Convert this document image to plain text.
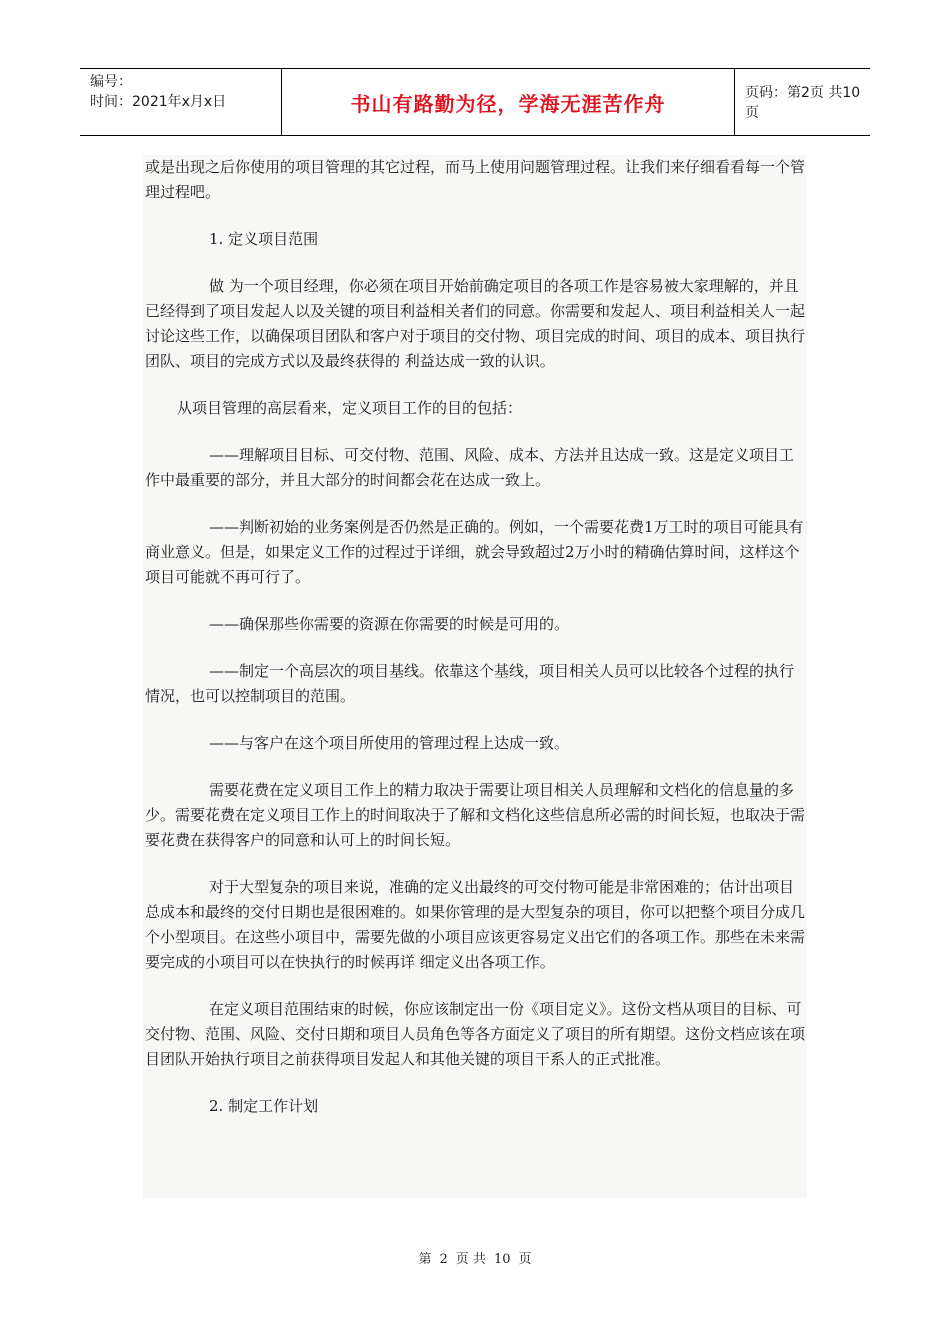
编号：
时间：2021年x月x日	书山有路勤为径，学海无涯苦作舟	页码：第2页 共10页

或是出现之后你使用的项目管理的其它过程，而马上使用问题管理过程。让我们来仔细看看每一个管理过程吧。

1. 定义项目范围

做 为一个项目经理，你必须在项目开始前确定项目的各项工作是容易被大家理解的，并且已经得到了项目发起人以及关键的项目利益相关者们的同意。你需要和发起人、项目利益相关人一起讨论这些工作，以确保项目团队和客户对于项目的交付物、项目完成的时间、项目的成本、项目执行团队、项目的完成方式以及最终获得的 利益达成一致的认识。

从项目管理的高层看来，定义项目工作的目的包括：

——理解项目目标、可交付物、范围、风险、成本、方法并且达成一致。这是定义项目工作中最重要的部分，并且大部分的时间都会花在达成一致上。

——判断初始的业务案例是否仍然是正确的。例如，一个需要花费1万工时的项目可能具有商业意义。但是，如果定义工作的过程过于详细，就会导致超过2万小时的精确估算时间，这样这个项目可能就不再可行了。

——确保那些你需要的资源在你需要的时候是可用的。

——制定一个高层次的项目基线。依靠这个基线，项目相关人员可以比较各个过程的执行情况，也可以控制项目的范围。

——与客户在这个项目所使用的管理过程上达成一致。

需要花费在定义项目工作上的精力取决于需要让项目相关人员理解和文档化的信息量的多少。需要花费在定义项目工作上的时间取决于了解和文档化这些信息所必需的时间长短，也取决于需要花费在获得客户的同意和认可上的时间长短。

对于大型复杂的项目来说，准确的定义出最终的可交付物可能是非常困难的；估计出项目总成本和最终的交付日期也是很困难的。如果你管理的是大型复杂的项目，你可以把整个项目分成几个小型项目。在这些小项目中，需要先做的小项目应该更容易定义出它们的各项工作。那些在未来需要完成的小项目可以在快执行的时候再详 细定义出各项工作。

在定义项目范围结束的时候，你应该制定出一份《项目定义》。这份文档从项目的目标、可交付物、范围、风险、交付日期和项目人员角色等各方面定义了项目的所有期望。这份文档应该在项目团队开始执行项目之前获得项目发起人和其他关键的项目干系人的正式批准。

2. 制定工作计划

第 2 页 共 10 页
